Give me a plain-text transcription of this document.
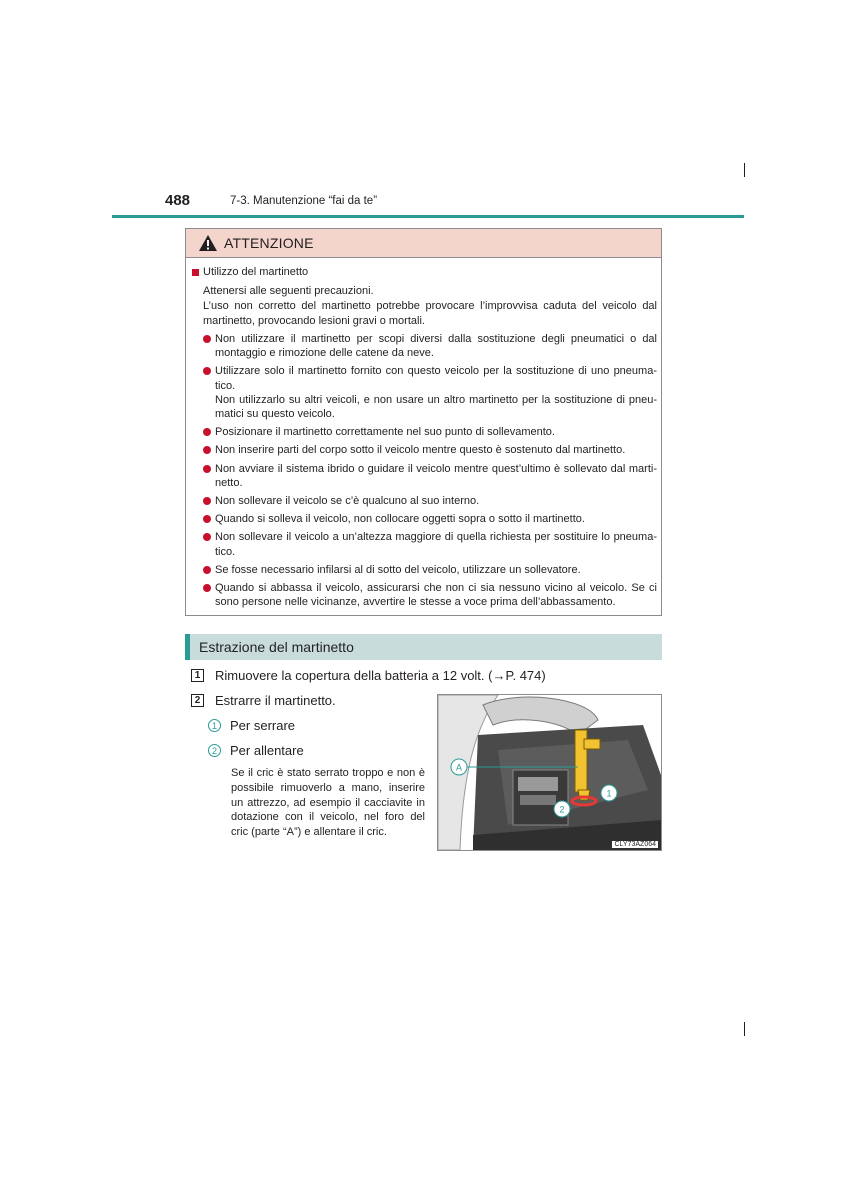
488	7-3. Manutenzione “fai da te”
ATTENZIONE
Utilizzo del martinetto
Attenersi alle seguenti precauzioni.
L’uso non corretto del martinetto potrebbe provocare l’improvvisa caduta del veicolo dal martinetto, provocando lesioni gravi o mortali.
Non utilizzare il martinetto per scopi diversi dalla sostituzione degli pneumatici o dal montaggio e rimozione delle catene da neve.
Utilizzare solo il martinetto fornito con questo veicolo per la sostituzione di uno pneumatico.
Non utilizzarlo su altri veicoli, e non usare un altro martinetto per la sostituzione di pneumatici su questo veicolo.
Posizionare il martinetto correttamente nel suo punto di sollevamento.
Non inserire parti del corpo sotto il veicolo mentre questo è sostenuto dal martinetto.
Non avviare il sistema ibrido o guidare il veicolo mentre quest’ultimo è sollevato dal martinetto.
Non sollevare il veicolo se c’è qualcuno al suo interno.
Quando si solleva il veicolo, non collocare oggetti sopra o sotto il martinetto.
Non sollevare il veicolo a un’altezza maggiore di quella richiesta per sostituire lo pneumatico.
Se fosse necessario infilarsi al di sotto del veicolo, utilizzare un sollevatore.
Quando si abbassa il veicolo, assicurarsi che non ci sia nessuno vicino al veicolo. Se ci sono persone nelle vicinanze, avvertire le stesse a voce prima dell’abbassamento.
Estrazione del martinetto
1 Rimuovere la copertura della batteria a 12 volt. (→P. 474)
2 Estrarre il martinetto.
1	Per serrare
2	Per allentare
Se il cric è stato serrato troppo e non è possibile rimuoverlo a mano, inserire un attrezzo, ad esempio il cacciavite in dotazione con il veicolo, nel foro del cric (parte “A”) e allentare il cric.
A
1
2
CLY73AZ064
